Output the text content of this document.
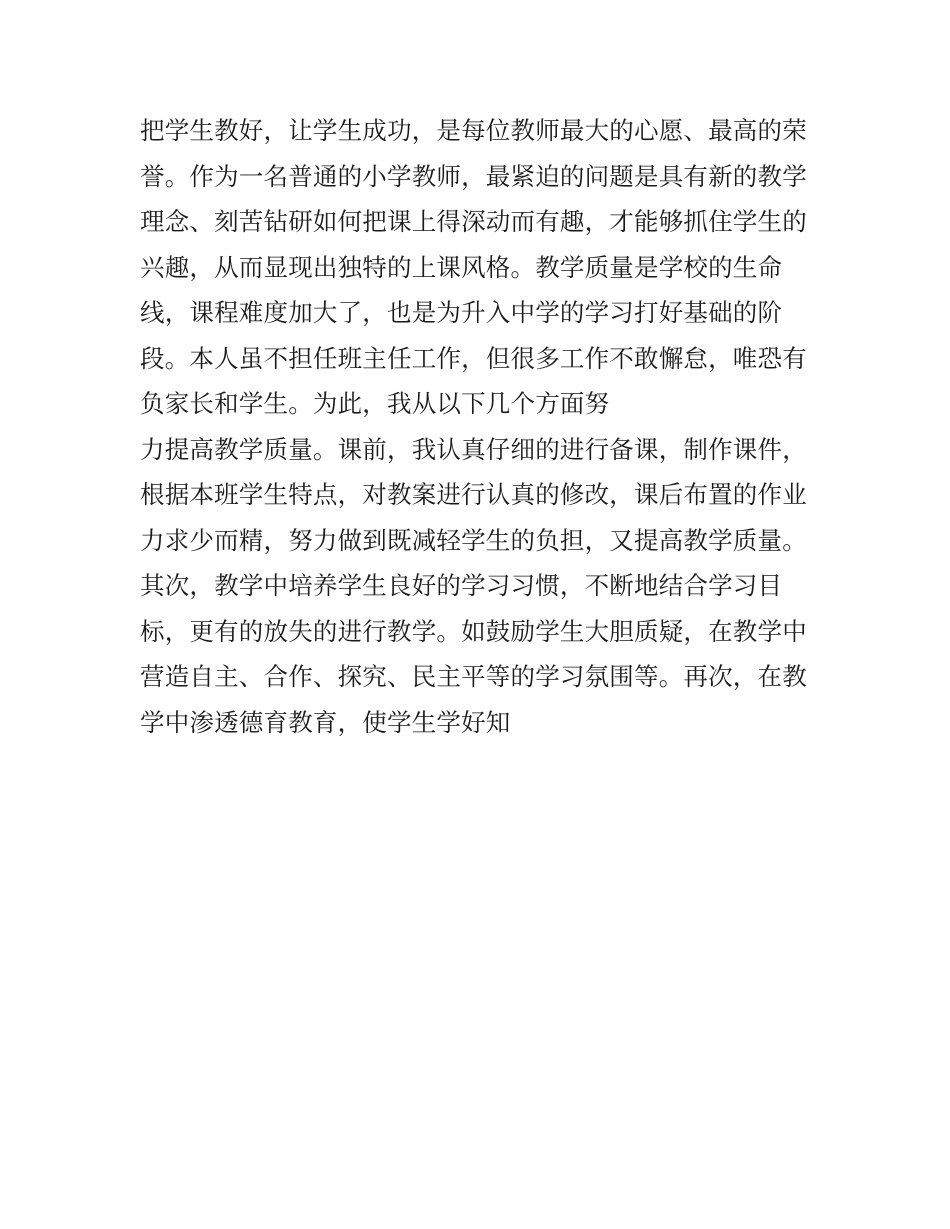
把学生教好，让学生成功，是每位教师最大的心愿、最高的荣
誉。作为一名普通的小学教师，最紧迫的问题是具有新的教学
理念、刻苦钻研如何把课上得深动而有趣，才能够抓住学生的
兴趣，从而显现出独特的上课风格。教学质量是学校的生命
线，课程难度加大了，也是为升入中学的学习打好基础的阶
段。本人虽不担任班主任工作，但很多工作不敢懈怠，唯恐有
负家长和学生。为此，我从以下几个方面努
力提高教学质量。课前，我认真仔细的进行备课，制作课件，
根据本班学生特点，对教案进行认真的修改，课后布置的作业
力求少而精，努力做到既减轻学生的负担，又提高教学质量。
其次，教学中培养学生良好的学习习惯，不断地结合学习目
标，更有的放失的进行教学。如鼓励学生大胆质疑，在教学中
营造自主、合作、探究、民主平等的学习氛围等。再次，在教
学中渗透德育教育，使学生学好知
